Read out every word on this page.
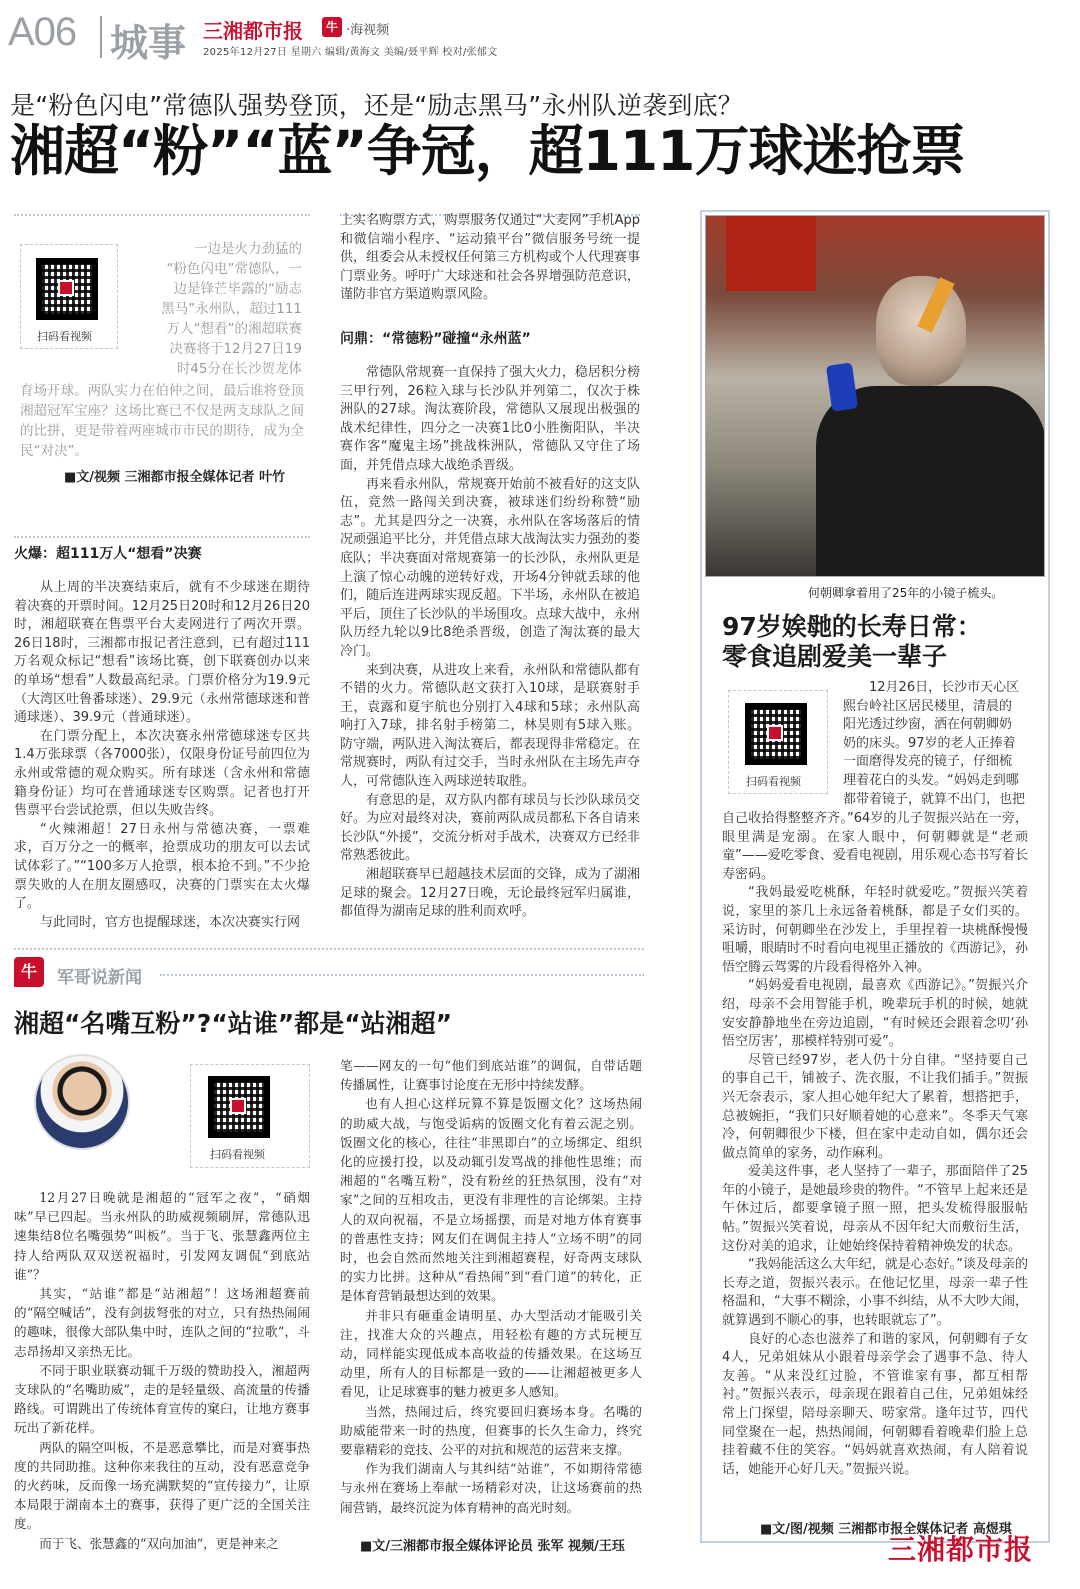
A06 城事 三湘都市报	牛 ·海视频
2025年12月27日 星期六 编辑/黄海文 美编/聂平辉 校对/张郁文
是“粉色闪电”常德队强势登顶，还是“励志黑马”永州队逆袭到底？
湘超“粉”“蓝”争冠，超111万球迷抢票
扫码看视频
一边是火力劲猛的
“粉色闪电”常德队，一
边是锋芒毕露的“励志
黑马”永州队，超过111
万人“想看”的湘超联赛
决赛将于12月27日19
时45分在长沙贺龙体
育场开球。两队实力在伯仲之间，最后谁将登顶湘超冠军宝座？这场比赛已不仅是两支球队之间的比拼，更是带着两座城市市民的期待，成为全民“对决”。
■文/视频 三湘都市报全媒体记者 叶竹
火爆：超111万人“想看”决赛
从上周的半决赛结束后，就有不少球迷在期待着决赛的开票时间。12月25日20时和12月26日20时，湘超联赛在售票平台大麦网进行了两次开票。26日18时，三湘都市报记者注意到，已有超过111万名观众标记“想看”该场比赛，创下联赛创办以来的单场“想看”人数最高纪录。门票价格分为19.9元（大湾区吐鲁番球迷）、29.9元（永州常德球迷和普通球迷）、39.9元（普通球迷）。
在门票分配上，本次决赛永州常德球迷专区共1.4万张球票（各7000张），仅限身份证号前四位为永州或常德的观众购买。所有球迷（含永州和常德籍身份证）均可在普通球迷专区购票。记者也打开售票平台尝试抢票，但以失败告终。
“火辣湘超！27日永州与常德决赛，一票难求，百万分之一的概率，抢票成功的朋友可以去试试体彩了。”“100多万人抢票，根本抢不到。”不少抢票失败的人在朋友圈感叹，决赛的门票实在太火爆了。
与此同时，官方也提醒球迷，本次决赛实行网
上实名购票方式，购票服务仅通过“大麦网”手机App和微信端小程序、“运动猿平台”微信服务号统一提供，组委会从未授权任何第三方机构或个人代理赛事门票业务。呼吁广大球迷和社会各界增强防范意识，谨防非官方渠道购票风险。
问鼎：“常德粉”碰撞“永州蓝”
常德队常规赛一直保持了强大火力，稳居积分榜三甲行列，26粒入球与长沙队并列第二，仅次于株洲队的27球。淘汰赛阶段，常德队又展现出极强的战术纪律性，四分之一决赛1比0小胜衡阳队，半决赛作客“魔鬼主场”挑战株洲队，常德队又守住了场面，并凭借点球大战绝杀晋级。
再来看永州队，常规赛开始前不被看好的这支队伍，竟然一路闯关到决赛，被球迷们纷纷称赞“励志”。尤其是四分之一决赛，永州队在客场落后的情况顽强追平比分，并凭借点球大战淘汰实力强劲的娄底队；半决赛面对常规赛第一的长沙队，永州队更是上演了惊心动魄的逆转好戏，开场4分钟就丢球的他们，随后连进两球实现反超。下半场，永州队在被追平后，顶住了长沙队的半场围攻。点球大战中，永州队历经九轮以9比8绝杀晋级，创造了淘汰赛的最大冷门。
来到决赛，从进攻上来看，永州队和常德队都有不错的火力。常德队赵文获打入10球，是联赛射手王，袁露和夏宇航也分别打入4球和5球；永州队高响打入7球，排名射手榜第二，林昊则有5球入账。防守端，两队进入淘汰赛后，都表现得非常稳定。在常规赛时，两队有过交手，当时永州队在主场先声夺人，可常德队连入两球逆转取胜。
有意思的是，双方队内都有球员与长沙队球员交好。为应对最终对决，赛前两队成员都私下各自请来长沙队“外援”，交流分析对手战术，决赛双方已经非常熟悉彼此。
湘超联赛早已超越技术层面的交锋，成为了湖湘足球的聚会。12月27日晚，无论最终冠军归属谁，都值得为湖南足球的胜利而欢呼。
牛	军哥说新闻
湘超“名嘴互粉”?“站谁”都是“站湘超”
扫码看视频
12月27日晚就是湘超的“冠军之夜”，“硝烟味”早已四起。当永州队的助威视频刷屏，常德队迅速集结8位名嘴强势“叫板”。当于飞、张慧鑫两位主持人给两队双双送祝福时，引发网友调侃“到底站谁”？
其实，“站谁”都是“站湘超”！这场湘超赛前的“隔空喊话”，没有剑拔弩张的对立，只有热热闹闹的趣味，很像大部队集中时，连队之间的“拉歌”，斗志昂扬却又亲热无比。
不同于职业联赛动辄千万级的赞助投入，湘超两支球队的“名嘴助威”，走的是轻量级、高流量的传播路线。可谓跳出了传统体育宣传的窠臼，让地方赛事玩出了新花样。
两队的隔空叫板，不是恶意攀比，而是对赛事热度的共同助推。这种你来我往的互动，没有恶意竞争的火药味，反而像一场充满默契的“宣传接力”，让原本局限于湖南本土的赛事，获得了更广泛的全国关注度。
而于飞、张慧鑫的“双向加油”，更是神来之
笔——网友的一句“他们到底站谁”的调侃，自带话题传播属性，让赛事讨论度在无形中持续发酵。
也有人担心这样玩算不算是饭圈文化？这场热闹的助威大战，与饱受诟病的饭圈文化有着云泥之别。饭圈文化的核心，往往“非黑即白”的立场绑定、组织化的应援打投，以及动辄引发骂战的排他性思维；而湘超的“名嘴互粉”，没有粉丝的狂热氛围，没有“对家”之间的互相攻击，更没有非理性的言论绑架。主持人的双向祝福，不是立场摇摆，而是对地方体育赛事的普惠性支持；网友们在调侃主持人“立场不明”的同时，也会自然而然地关注到湘超赛程，好奇两支球队的实力比拼。这种从“看热闹”到“看门道”的转化，正是体育营销最想达到的效果。
并非只有砸重金请明星、办大型活动才能吸引关注，找准大众的兴趣点，用轻松有趣的方式玩梗互动，同样能实现低成本高收益的传播效果。在这场互动里，所有人的目标都是一致的——让湘超被更多人看见，让足球赛事的魅力被更多人感知。
当然，热闹过后，终究要回归赛场本身。名嘴的助威能带来一时的热度，但赛事的长久生命力，终究要靠精彩的竞技、公平的对抗和规范的运营来支撑。
作为我们湖南人与其纠结“站谁”，不如期待常德与永州在赛场上奉献一场精彩对决，让这场赛前的热闹营销，最终沉淀为体育精神的高光时刻。
■文/三湘都市报全媒体评论员 张军 视频/王珏
何朝卿拿着用了25年的小镜子梳头。
97岁娭毑的长寿日常：
零食追剧爱美一辈子
扫码看视频
12月26日，长沙市天心区
熙台岭社区居民楼里，清晨的
阳光透过纱窗，洒在何朝卿奶
奶的床头。97岁的老人正捧着
一面磨得发亮的镜子，仔细梳
理着花白的头发。“妈妈走到哪
都带着镜子，就算不出门，也把
自己收拾得整整齐齐。”64岁的儿子贺振兴站在一旁，眼里满是宠溺。在家人眼中，何朝卿就是“老顽童”——爱吃零食、爱看电视剧，用乐观心态书写着长寿密码。
“我妈最爱吃桃酥，年轻时就爱吃。”贺振兴笑着说，家里的茶几上永远备着桃酥，都是子女们买的。采访时，何朝卿坐在沙发上，手里捏着一块桃酥慢慢咀嚼，眼睛时不时看向电视里正播放的《西游记》，孙悟空腾云驾雾的片段看得格外入神。
“妈妈爱看电视剧，最喜欢《西游记》。”贺振兴介绍，母亲不会用智能手机，晚辈玩手机的时候，她就安安静静地坐在旁边追剧，“有时候还会跟着念叨‘孙悟空厉害’，那模样特别可爱”。
尽管已经97岁，老人仍十分自律。“坚持要自己的事自己干，铺被子、洗衣服，不让我们插手。”贺振兴无奈表示，家人担心她年纪大了累着，想搭把手，总被婉拒，“我们只好顺着她的心意来”。冬季天气寒冷，何朝卿很少下楼，但在家中走动自如，偶尔还会做点简单的家务，动作麻利。
爱美这件事，老人坚持了一辈子，那面陪伴了25年的小镜子，是她最珍贵的物件。“不管早上起来还是午休过后，都要拿镜子照一照，把头发梳得服服帖帖。”贺振兴笑着说，母亲从不因年纪大而敷衍生活，这份对美的追求，让她始终保持着精神焕发的状态。
“我妈能活这么大年纪，就是心态好。”谈及母亲的长寿之道，贺振兴表示。在他记忆里，母亲一辈子性格温和，“大事不糊涂，小事不纠结，从不大吵大闹，就算遇到不顺心的事，也转眼就忘了”。
良好的心态也滋养了和谐的家风，何朝卿有子女4人，兄弟姐妹从小跟着母亲学会了遇事不急、待人友善。“从来没红过脸，不管谁家有事，都互相帮衬。”贺振兴表示，母亲现在跟着自己住，兄弟姐妹经常上门探望，陪母亲聊天、唠家常。逢年过节，四代同堂聚在一起，热热闹闹，何朝卿看着晚辈们脸上总挂着藏不住的笑容。“妈妈就喜欢热闹，有人陪着说话，她能开心好几天。”贺振兴说。
■文/图/视频 三湘都市报全媒体记者 高煜琪
三湘都市报
